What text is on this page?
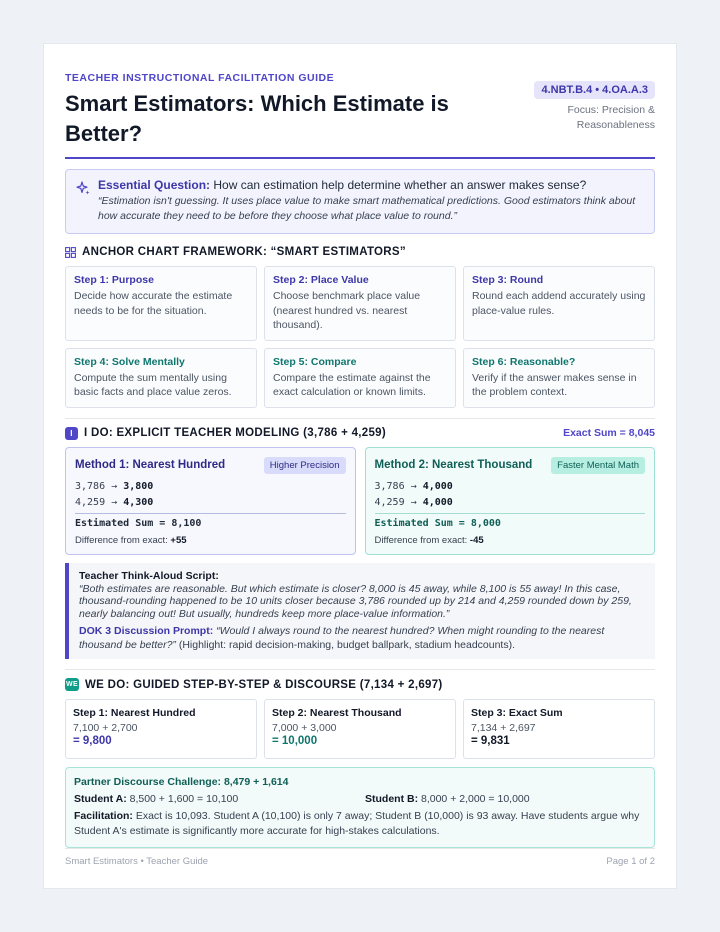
TEACHER INSTRUCTIONAL FACILITATION GUIDE
Smart Estimators: Which Estimate is Better?
4.NBT.B.4 • 4.OA.A.3
Focus: Precision &
Reasonableness
Essential Question: How can estimation help determine whether an answer makes sense?
“Estimation isn't guessing. It uses place value to make smart mathematical predictions. Good estimators think about how accurate they need to be before they choose what place value to round.”
ANCHOR CHART FRAMEWORK: “SMART ESTIMATORS”
Step 1: Purpose
Decide how accurate the estimate needs to be for the situation.
Step 2: Place Value
Choose benchmark place value (nearest hundred vs. nearest thousand).
Step 3: Round
Round each addend accurately using place-value rules.
Step 4: Solve Mentally
Compute the sum mentally using basic facts and place value zeros.
Step 5: Compare
Compare the estimate against the exact calculation or known limits.
Step 6: Reasonable?
Verify if the answer makes sense in the problem context.
I I DO: EXPLICIT TEACHER MODELING (3,786 + 4,259)	Exact Sum = 8,045
Method 1: Nearest Hundred	Higher Precision
3,786 → 3,800
4,259 → 4,300
Estimated Sum = 8,100
Difference from exact: +55
Method 2: Nearest Thousand	Faster Mental Math
3,786 → 4,000
4,259 → 4,000
Estimated Sum = 8,000
Difference from exact: -45
Teacher Think-Aloud Script:
“Both estimates are reasonable. But which estimate is closer? 8,000 is 45 away, while 8,100 is 55 away! In this case, thousand-rounding happened to be 10 units closer because 3,786 rounded up by 214 and 4,259 rounded down by 259, nearly balancing out! But usually, hundreds keep more place-value information.”
DOK 3 Discussion Prompt: “Would I always round to the nearest hundred? When might rounding to the nearest thousand be better?” (Highlight: rapid decision-making, budget ballpark, stadium headcounts).
WE WE DO: GUIDED STEP-BY-STEP & DISCOURSE (7,134 + 2,697)
Step 1: Nearest Hundred
7,100 + 2,700
= 9,800
Step 2: Nearest Thousand
7,000 + 3,000
= 10,000
Step 3: Exact Sum
7,134 + 2,697
= 9,831
Partner Discourse Challenge: 8,479 + 1,614
Student A: 8,500 + 1,600 = 10,100	Student B: 8,000 + 2,000 = 10,000
Facilitation: Exact is 10,093. Student A (10,100) is only 7 away; Student B (10,000) is 93 away. Have students argue why Student A's estimate is significantly more accurate for high-stakes calculations.
Smart Estimators • Teacher Guide	Page 1 of 2
